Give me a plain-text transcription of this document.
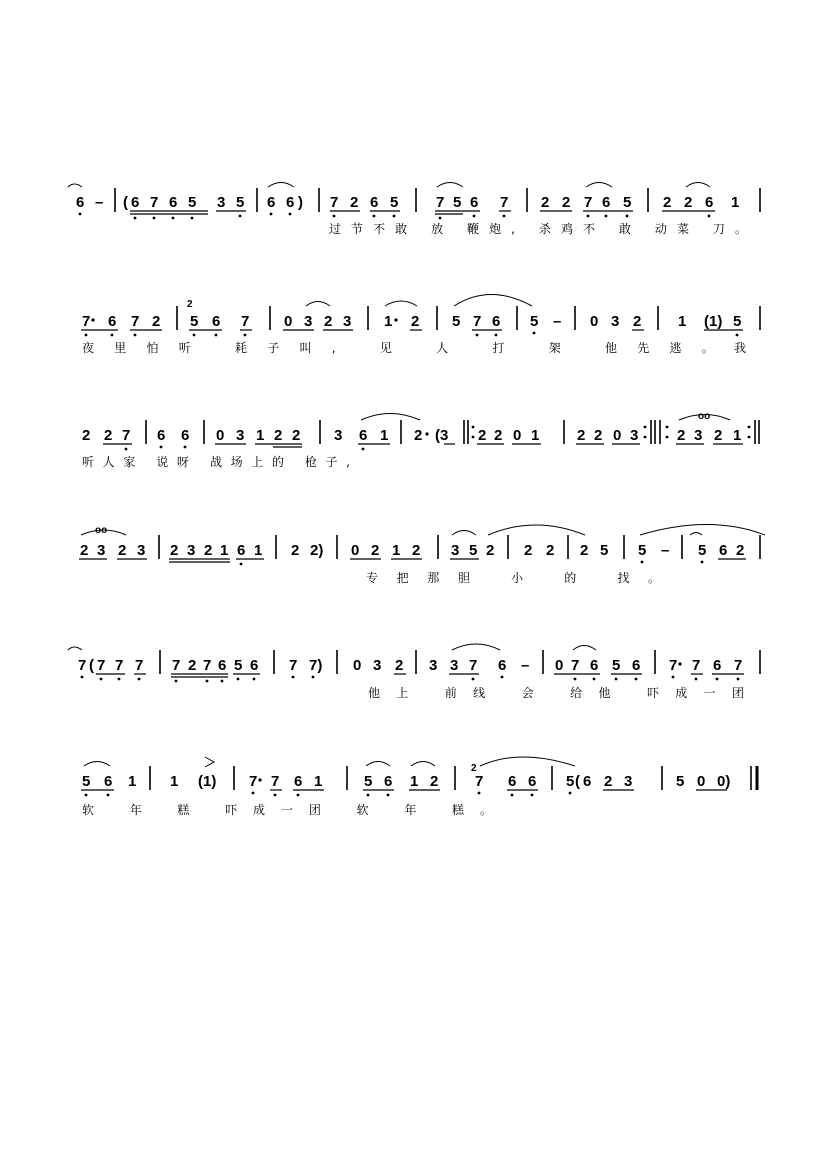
6 – ( 6 7 6 5 3 5 6 6 ) 7 2 6 5	7 5 6 7 2 2 7 6 5 2 2 6 1
过节不敢 放 鞭炮, 杀鸡不 敢 动菜 刀。
7 6 7 2
2
5 6 7 0 3 2 3 1 2 5 7 6 5 – 0 3 2 1 (1) 5
夜里怕听 耗子叫, 见 人 打 架 他先逃。我
2 2 7 6 6 0 3 1 2 2 3 6 1 2 (3 2 2 0 1	2 2 0 3	2 3 2 1
oo
听人家 说呀 战场上的 枪子,
2 3 2 3
oo
2 3 2 1 6 1 2 2) 0 2 1 2 3 5 2 2 2 2 5 5 – 5 6 2
专把那胆 小 的 找。
7 ( 7 7 7 7 2 7 6 5 6 7 7) 0 3 2 3 3 7 6 – 0 7 6 5 6 7 7 6 7
他上 前线 会 给他 吓成一团
5 6 1 1 (1) 7 7 6 1	5 6 1 2
2
7 6 6 5 ( 6 2 3	5 0 0)
软 年 糕 吓成一团 软 年 糕。
